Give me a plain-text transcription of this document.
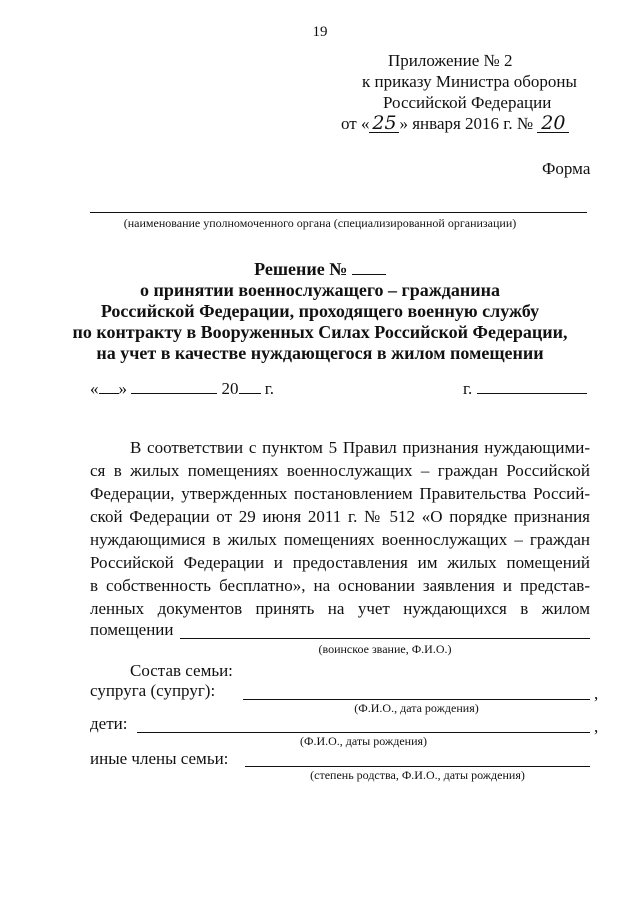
19
Приложение № 2
к приказу Министра обороны
Российской Федерации
от « 25 » января 2016 г. № 20
Форма
(наименование уполномоченного органа (специализированной организации)
Решение №
о принятии военнослужащего – гражданина
Российской Федерации, проходящего военную службу
по контракту в Вооруженных Силах Российской Федерации,
на учет в качестве нуждающегося в жилом помещении
« »	20 г.	г.
В соответствии с пунктом 5 Правил признания нуждающими-
ся в жилых помещениях военнослужащих – граждан Российской
Федерации, утвержденных постановлением Правительства Россий-
ской Федерации от 29 июня 2011 г. № 512 «О порядке признания
нуждающимися в жилых помещениях военнослужащих – граждан
Российской Федерации и предоставления им жилых помещений
в собственность бесплатно», на основании заявления и представ-
ленных документов принять на учет нуждающихся в жилом
помещении
(воинское звание, Ф.И.О.)
Состав семьи:
супруга (супруг):	,
(Ф.И.О., дата рождения)
дети:	,
(Ф.И.О., даты рождения)
иные члены семьи:
(степень родства, Ф.И.О., даты рождения)
